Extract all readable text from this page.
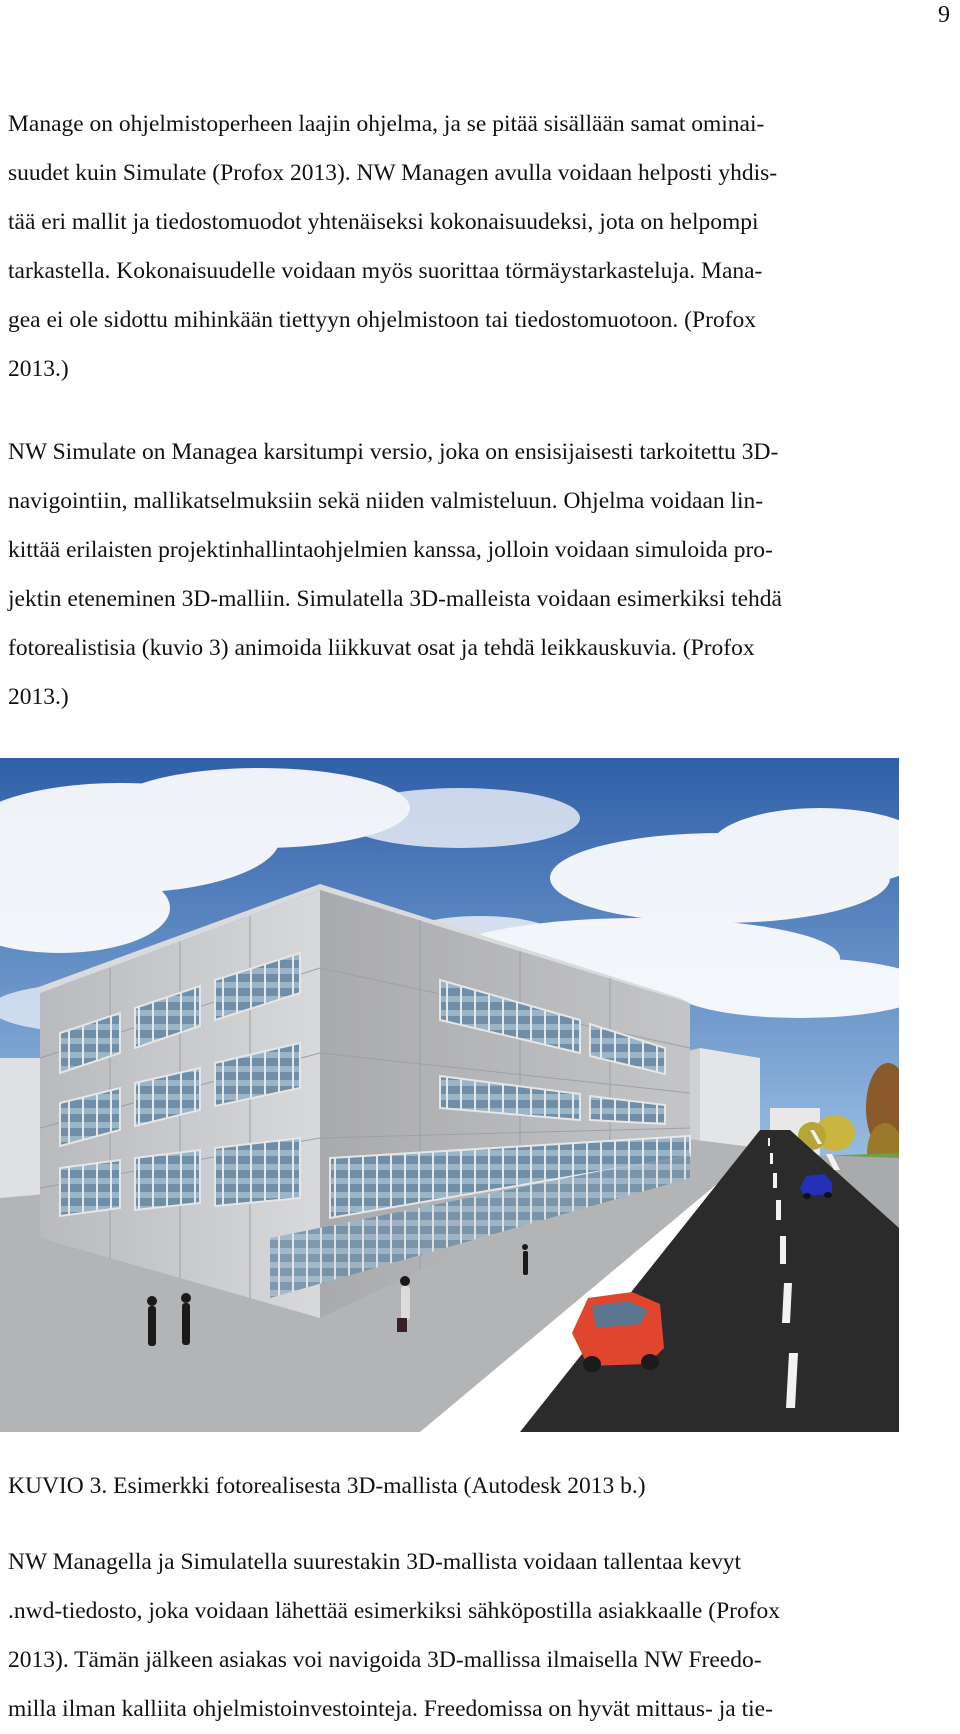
9

Manage on ohjelmistoperheen laajin ohjelma, ja se pitää sisällään samat ominai-
suudet kuin Simulate (Profox 2013). NW Managen avulla voidaan helposti yhdis-
tää eri mallit ja tiedostomuodot yhtenäiseksi kokonaisuudeksi, jota on helpompi
tarkastella. Kokonaisuudelle voidaan myös suorittaa törmäystarkasteluja. Mana-
gea ei ole sidottu mihinkään tiettyyn ohjelmistoon tai tiedostomuotoon. (Profox
2013.)

NW Simulate on Managea karsitumpi versio, joka on ensisijaisesti tarkoitettu 3D-
navigointiin, mallikatselmuksiin sekä niiden valmisteluun. Ohjelma voidaan lin-
kittää erilaisten projektinhallintaohjelmien kanssa, jolloin voidaan simuloida pro-
jektin eteneminen 3D-malliin. Simulatella 3D-malleista voidaan esimerkiksi tehdä
fotorealistisia (kuvio 3) animoida liikkuvat osat ja tehdä leikkauskuvia. (Profox
2013.)

KUVIO 3. Esimerkki fotorealisesta 3D-mallista (Autodesk 2013 b.)

NW Managella ja Simulatella suurestakin 3D-mallista voidaan tallentaa kevyt
.nwd-tiedosto, joka voidaan lähettää esimerkiksi sähköpostilla asiakkaalle (Profox
2013). Tämän jälkeen asiakas voi navigoida 3D-mallissa ilmaisella NW Freedo-
milla ilman kalliita ohjelmistoinvestointeja. Freedomissa on hyvät mittaus- ja tie-
